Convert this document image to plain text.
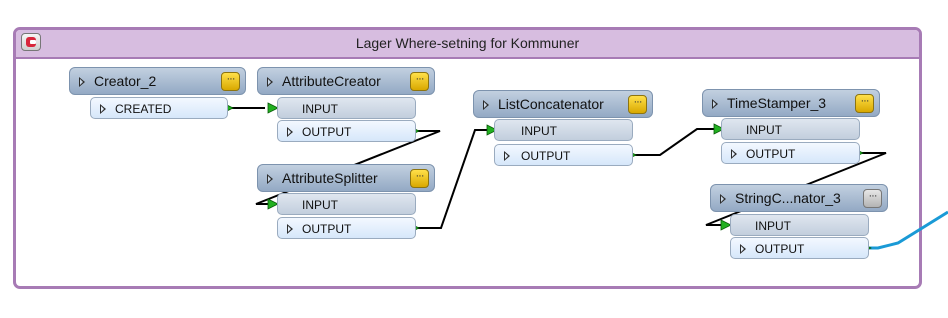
Lager Where-setning for Kommuner
Creator_2	···
CREATED
AttributeCreator	···
INPUT
OUTPUT
AttributeSplitter	···
INPUT
OUTPUT
ListConcatenator	···
INPUT
OUTPUT
TimeStamper_3	···
INPUT
OUTPUT
StringC...nator_3	···
INPUT
OUTPUT
